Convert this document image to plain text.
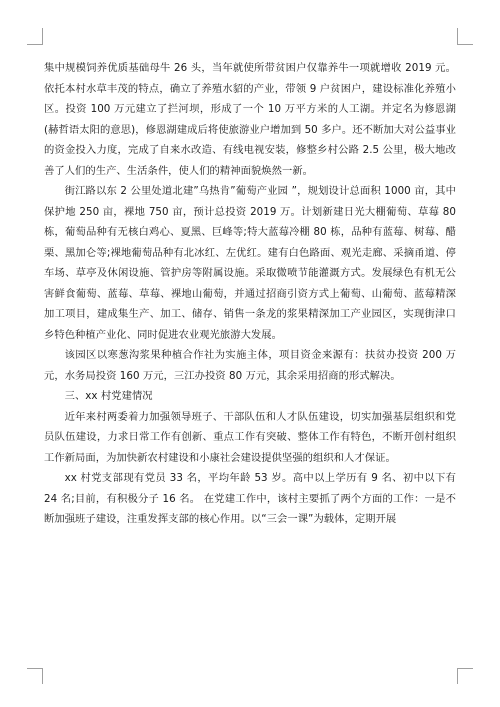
集中规模饲养优质基础母牛 26 头，当年就使所带贫困户仅靠养牛一项就增收 2019 元。依托本村水草丰茂的特点，确立了养殖水貂的产业，带领 9 户贫困户，建设标准化养殖小区。投资 100 万元建立了拦河坝，形成了一个 10 万平方米的人工湖。并定名为修恩湖(赫哲语太阳的意思)，修恩湖建成后将使旅游业户增加到 50 多户。还不断加大对公益事业的资金投入力度，完成了自来水改造、有线电视安装，修整乡村公路 2.5 公里，极大地改善了人们的生产、生活条件，使人们的精神面貌焕然一新。

街江路以东 2 公里处道北建”乌热肯”葡萄产业园 ”，规划设计总面积 1000 亩，其中保护地 250 亩，裸地 750 亩，预计总投资 2019 万。计划新建日光大棚葡萄、草莓 80 栋，葡萄品种有无核白鸡心、夏黑、巨峰等;特大蓝莓冷棚 80 栋，品种有蓝莓、树莓、醋栗、黑加仑等;裸地葡萄品种有北冰红、左优红。建有白色路面、观光走廊、采摘甬道、停车场、草亭及休闲设施、管护房等附属设施。采取微喷节能灌溉方式。发展绿色有机无公害鲜食葡萄、蓝莓、草莓、裸地山葡萄，并通过招商引资方式上葡萄、山葡萄、蓝莓精深加工项目，建成集生产、加工、储存、销售一条龙的浆果精深加工产业园区，实现街津口乡特色种植产业化、同时促进农业观光旅游大发展。

该园区以寒葱沟浆果种植合作社为实施主体，项目资金来源有：扶贫办投资 200 万元，水务局投资 160 万元，三江办投资 80 万元，其余采用招商的形式解决。

三、xx 村党建情况

近年来村两委着力加强领导班子、干部队伍和人才队伍建设，切实加强基层组织和党员队伍建设，力求日常工作有创新、重点工作有突破、整体工作有特色，不断开创村组织工作新局面，为加快新农村建设和小康社会建设提供坚强的组织和人才保证。

xx 村党支部现有党员 33 名，平均年龄 53 岁。高中以上学历有 9 名、初中以下有 24 名;目前，有积极分子 16 名。 在党建工作中，该村主要抓了两个方面的工作：一是不断加强班子建设，注重发挥支部的核心作用。以“三会一课”为载体，定期开展
